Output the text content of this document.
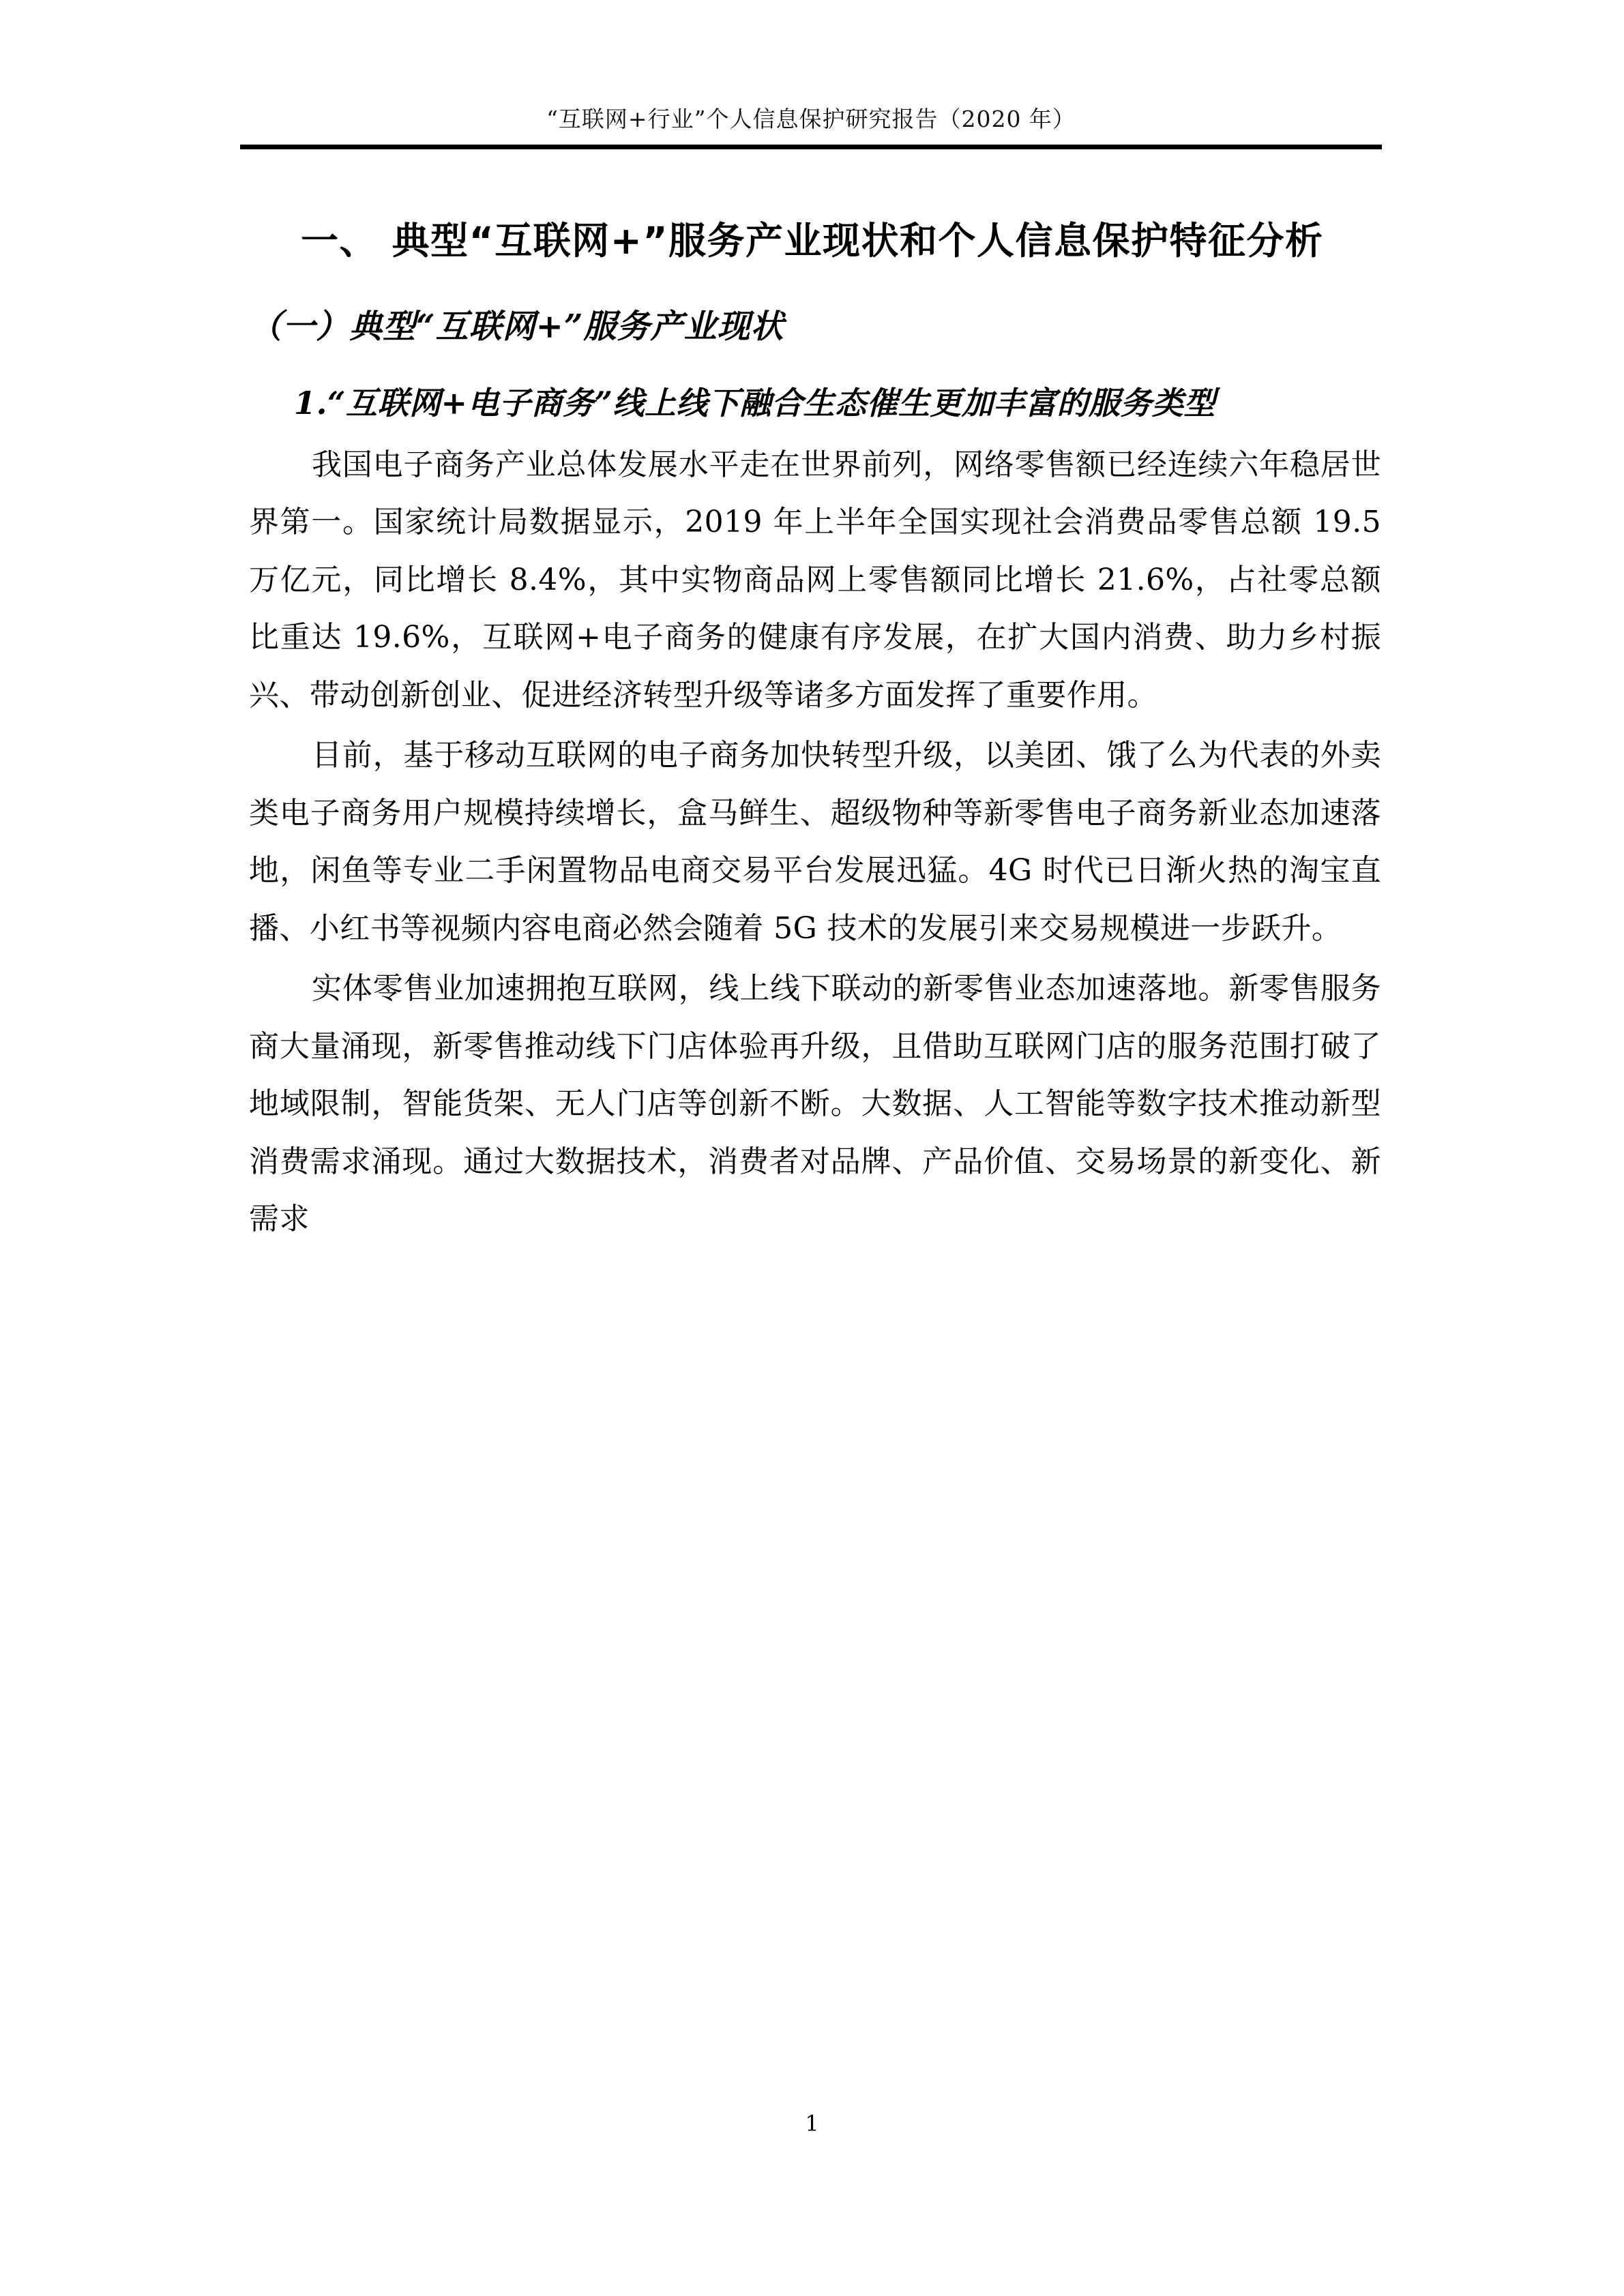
“互联网+行业”个人信息保护研究报告（2020 年）
一、 典型“互联网+”服务产业现状和个人信息保护特征分析
（一）典型“互联网+”服务产业现状
1.“互联网+电子商务”线上线下融合生态催生更加丰富的服务类型

我国电子商务产业总体发展水平走在世界前列，网络零售额已经连续六年稳居世界第一。国家统计局数据显示，2019 年上半年全国实现社会消费品零售总额 19.5 万亿元，同比增长 8.4%，其中实物商品网上零售额同比增长 21.6%，占社零总额比重达 19.6%，互联网+电子商务的健康有序发展，在扩大国内消费、助力乡村振兴、带动创新创业、促进经济转型升级等诸多方面发挥了重要作用。

目前，基于移动互联网的电子商务加快转型升级，以美团、饿了么为代表的外卖类电子商务用户规模持续增长，盒马鲜生、超级物种等新零售电子商务新业态加速落地，闲鱼等专业二手闲置物品电商交易平台发展迅猛。4G 时代已日渐火热的淘宝直播、小红书等视频内容电商必然会随着 5G 技术的发展引来交易规模进一步跃升。

实体零售业加速拥抱互联网，线上线下联动的新零售业态加速落地。新零售服务商大量涌现，新零售推动线下门店体验再升级，且借助互联网门店的服务范围打破了地域限制，智能货架、无人门店等创新不断。大数据、人工智能等数字技术推动新型消费需求涌现。通过大数据技术，消费者对品牌、产品价值、交易场景的新变化、新需求

1
